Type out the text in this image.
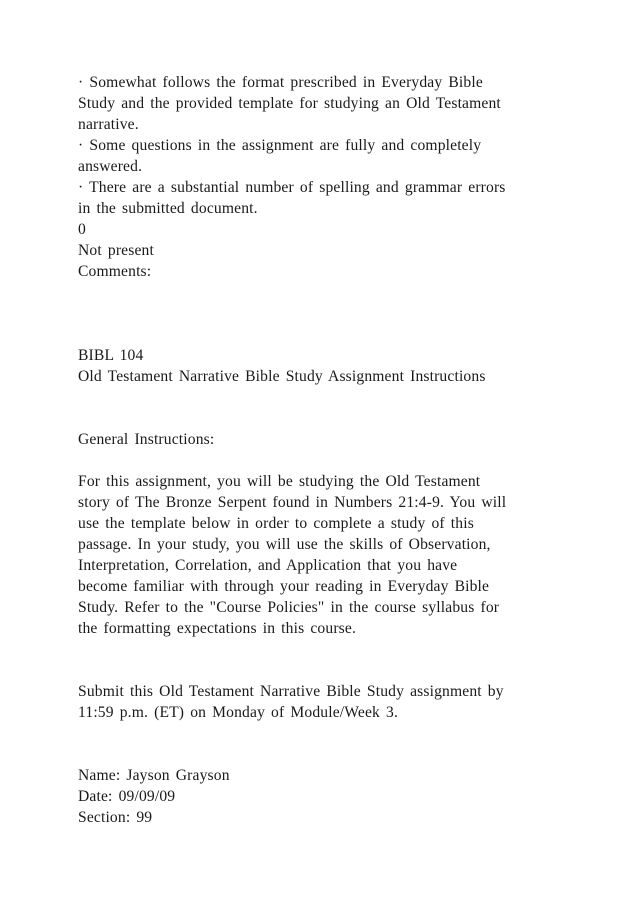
· Somewhat follows the format prescribed in Everyday Bible
Study and the provided template for studying an Old Testament
narrative.
· Some questions in the assignment are fully and completely
answered.
· There are a substantial number of spelling and grammar errors
in the submitted document.
0
Not present
Comments:
BIBL 104
Old Testament Narrative Bible Study Assignment Instructions
General Instructions:
For this assignment, you will be studying the Old Testament
story of The Bronze Serpent found in Numbers 21:4-9. You will
use the template below in order to complete a study of this
passage. In your study, you will use the skills of Observation,
Interpretation, Correlation, and Application that you have
become familiar with through your reading in Everyday Bible
Study. Refer to the "Course Policies" in the course syllabus for
the formatting expectations in this course.
Submit this Old Testament Narrative Bible Study assignment by
11:59 p.m. (ET) on Monday of Module/Week 3.
Name: Jayson Grayson
Date: 09/09/09
Section: 99
